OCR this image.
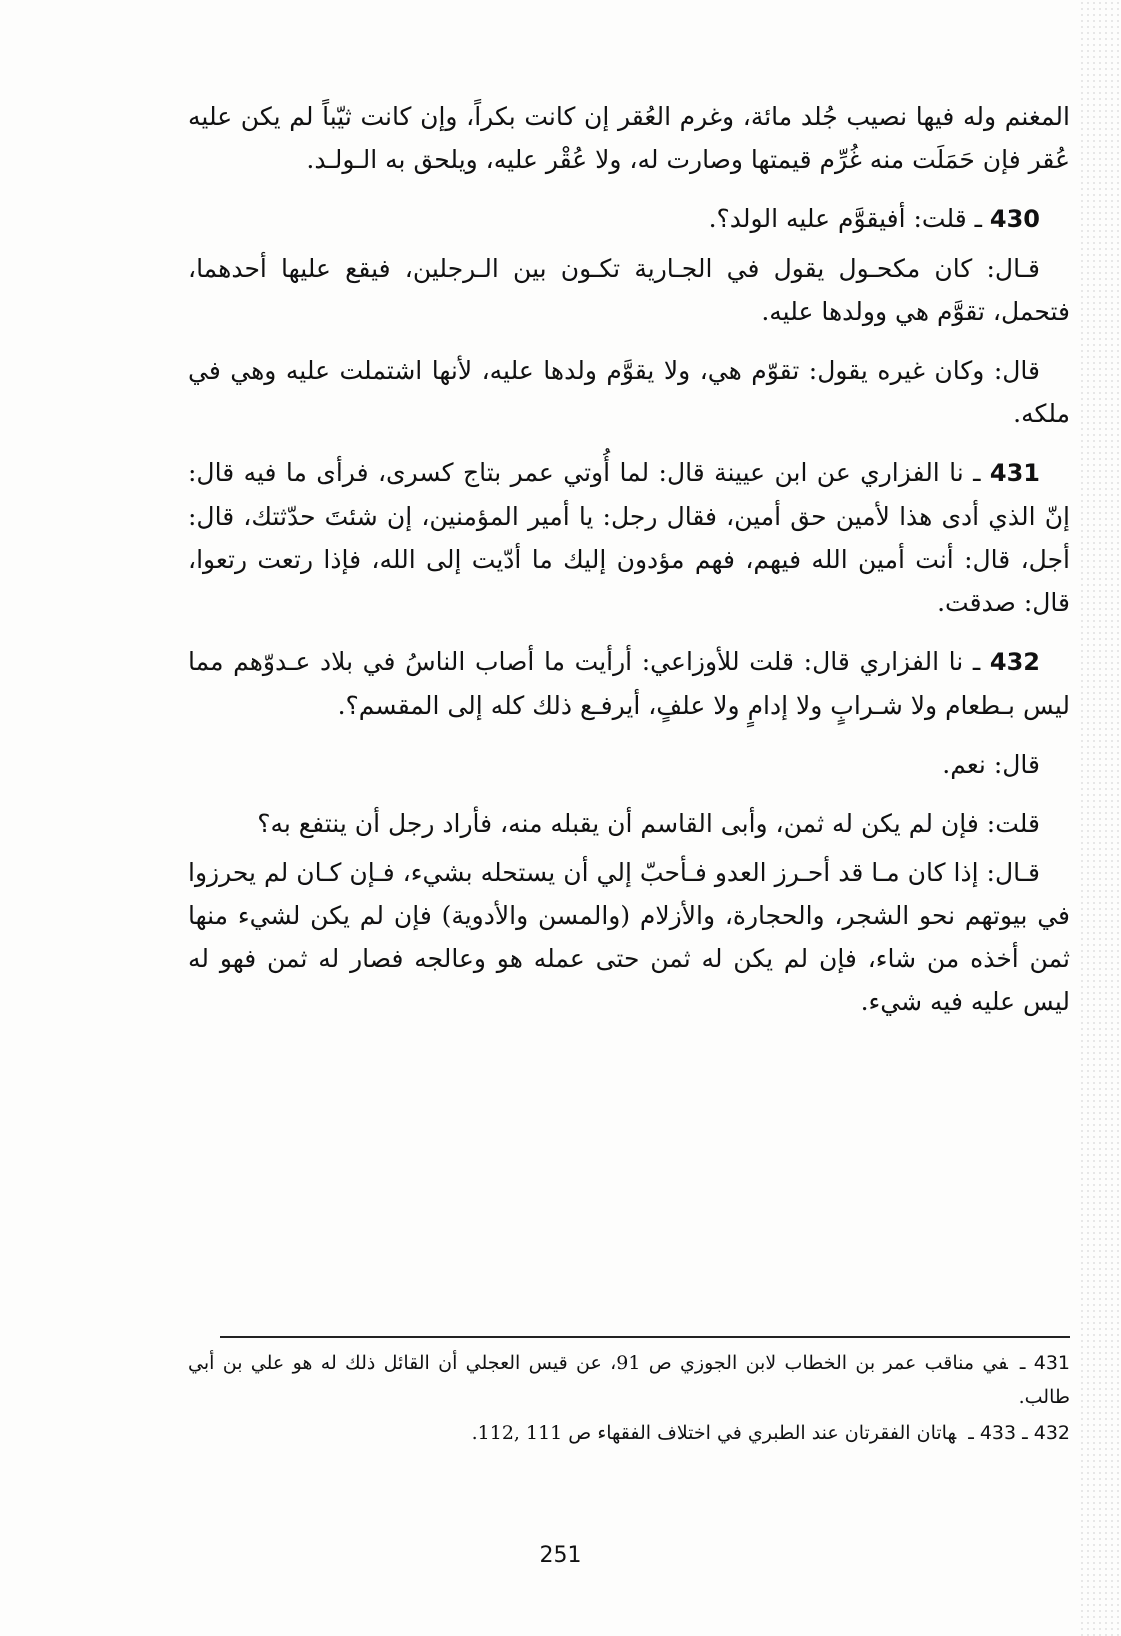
المغنم وله فيها نصيب جُلد مائة، وغرم العُقر إن كانت بكراً، وإن كانت ثيّباً لم يكن عليه عُقر فإن حَمَلَت منه غُرِّم قيمتها وصارت له، ولا عُقْر عليه، ويلحق به الـولـد.

430 ـ قلت: أفيقوَّم عليه الولد؟.

قـال: كان مكحـول يقول في الجـارية تكـون بين الـرجلين، فيقع عليها أحدهما، فتحمل، تقوَّم هي وولدها عليه.

قال: وكان غيره يقول: تقوّم هي، ولا يقوَّم ولدها عليه، لأنها اشتملت عليه وهي في ملكه.

431 ـ نا الفزاري عن ابن عيينة قال: لما أُوتي عمر بتاج كسرى، فرأى ما فيه قال: إنّ الذي أدى هذا لأمين حق أمين، فقال رجل: يا أمير المؤمنين، إن شئتَ حدّثتك، قال: أجل، قال: أنت أمين الله فيهم، فهم مؤدون إليك ما أدّيت إلى الله، فإذا رتعت رتعوا، قال: صدقت.

432 ـ نا الفزاري قال: قلت للأوزاعي: أرأيت ما أصاب الناسُ في بلاد عـدوّهم مما ليس بـطعام ولا شـرابٍ ولا إدامٍ ولا علفٍ، أيرفـع ذلك كله إلى المقسم؟.

قال: نعم.

قلت: فإن لم يكن له ثمن، وأبى القاسم أن يقبله منه، فأراد رجل أن ينتفع به؟

قـال: إذا كان مـا قد أحـرز العدو فـأحبّ إلي أن يستحله بشيء، فـإن كـان لم يحرزوا في بيوتهم نحو الشجر، والحجارة، والأزلام (والمسن والأدوية) فإن لم يكن لشيء منها ثمن أخذه من شاء، فإن لم يكن له ثمن حتى عمله هو وعالجه فصار له ثمن فهو له ليس عليه فيه شيء.

431 ـفي مناقب عمر بن الخطاب لابن الجوزي ص 91، عن قيس العجلي أن القائل ذلك له هو علي بن أبي طالب.

432 ـ 433 ـهاتان الفقرتان عند الطبري في اختلاف الفقهاء ص 111 ,112.

251
